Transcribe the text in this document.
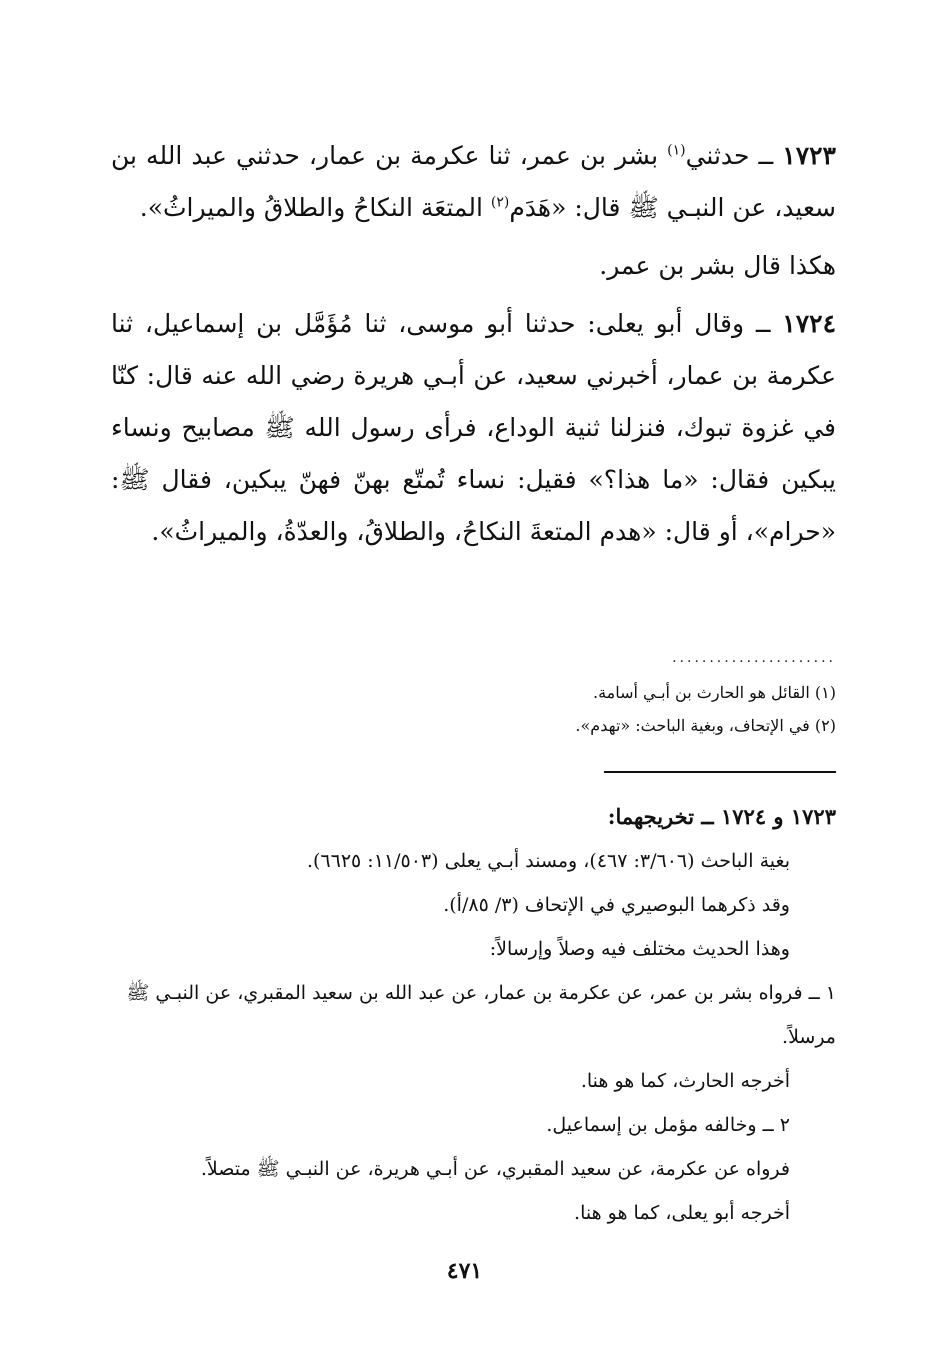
١٧٢٣ ــ حدثني$^{(١)}$ بشر بن عمر، ثنا عكرمة بن عمار، حدثني عبد الله بن سعيد، عن النبـي ﷺ قال: «هَدَم$^{(٢)}$ المتعَة النكاحُ والطلاقُ والميراثُ».

هكذا قال بشر بن عمر.

١٧٢٤ ــ وقال أبو يعلى: حدثنا أبو موسى، ثنا مُؤَمَّل بن إسماعيل، ثنا عكرمة بن عمار، أخبرني سعيد، عن أبـي هريرة رضي الله عنه قال: كنّا في غزوة تبوك، فنزلنا ثنية الوداع، فرأى رسول الله ﷺ مصابيح ونساء يبكين فقال: «ما هذا؟» فقيل: نساء تُمتّع بهنّ فهنّ يبكين، فقال ﷺ: «حرام»، أو قال: «هدم المتعةَ النكاحُ، والطلاقُ، والعدّةُ، والميراثُ».

......................

(١) القائل هو الحارث بن أبـي أسامة.

(٢) في الإتحاف، وبغية الباحث: «تهدم».

١٧٢٣ و ١٧٢٤ ــ تخريجهما:

بغية الباحث (٣/٦٠٦: ٤٦٧)، ومسند أبـي يعلى (١١/٥٠٣: ٦٦٢٥).

وقد ذكرهما البوصيري في الإتحاف (٣/ ٨٥/أ).

وهذا الحديث مختلف فيه وصلاً وإرسالاً:

١ ــ فرواه بشر بن عمر، عن عكرمة بن عمار، عن عبد الله بن سعيد المقبري، عن النبـي ﷺ مرسلاً.

أخرجه الحارث، كما هو هنا.

٢ ــ وخالفه مؤمل بن إسماعيل.

فرواه عن عكرمة، عن سعيد المقبري، عن أبـي هريرة، عن النبـي ﷺ متصلاً.

أخرجه أبو يعلى، كما هو هنا.

٤٧١
